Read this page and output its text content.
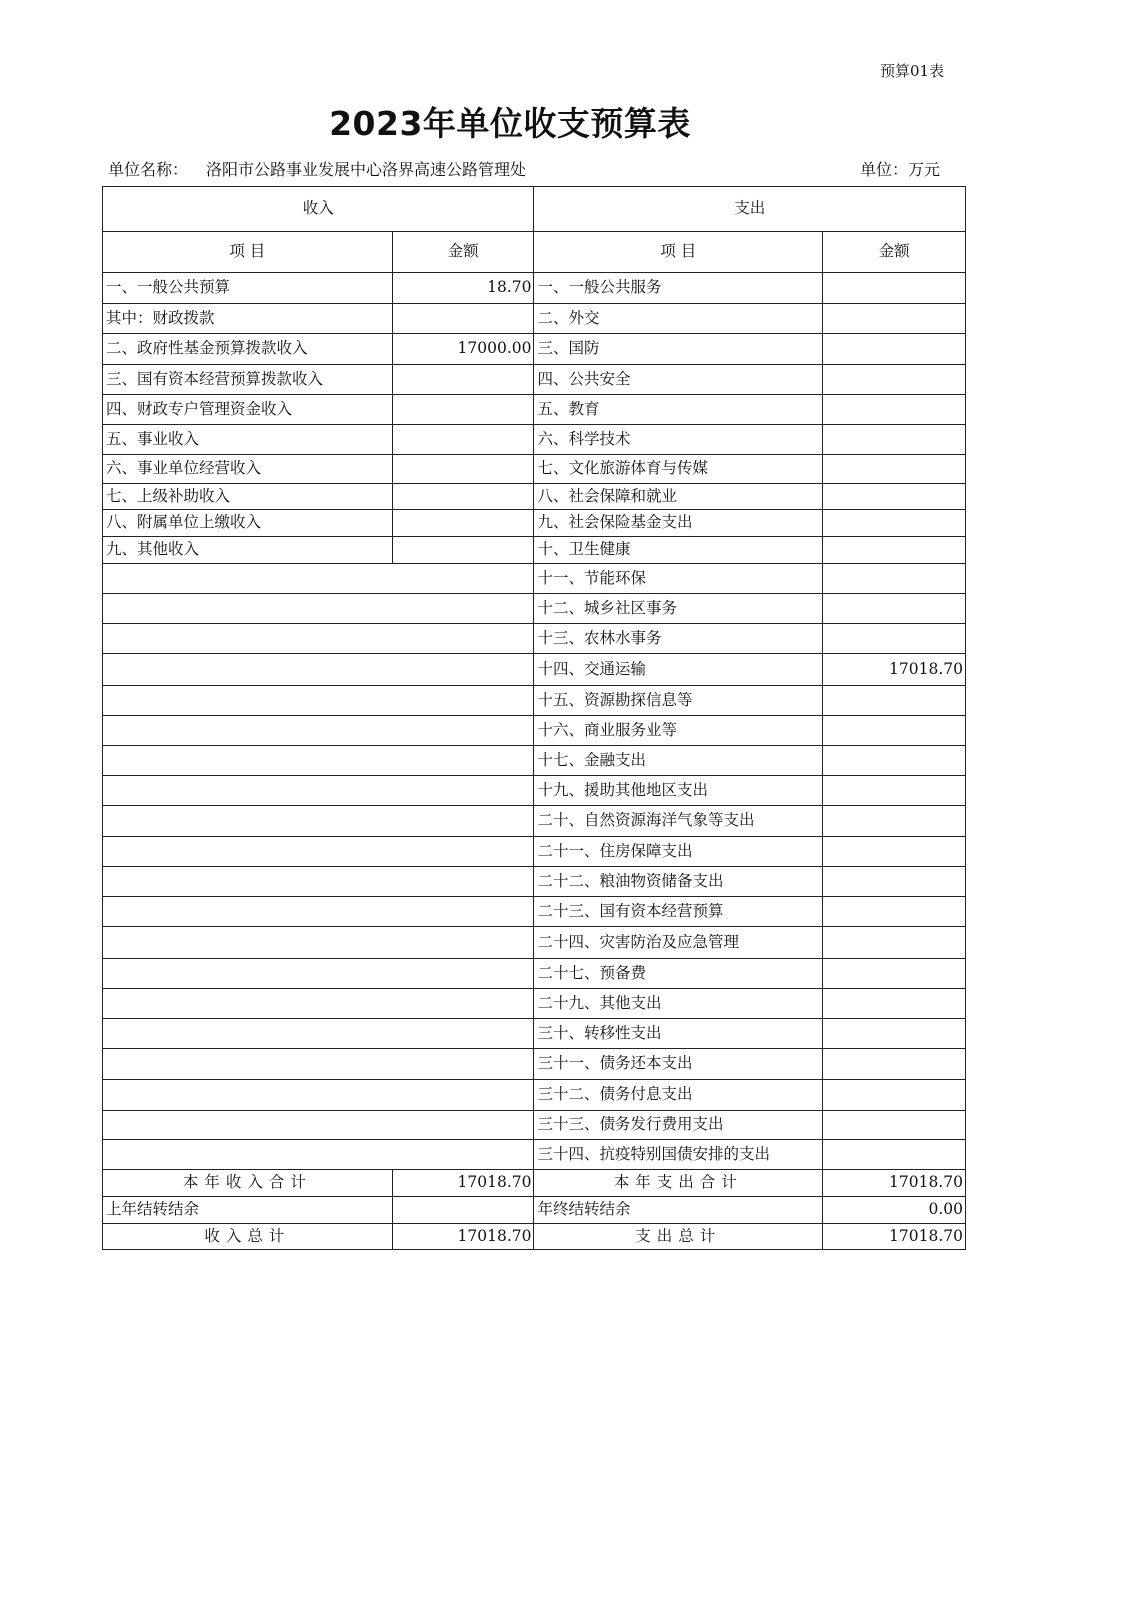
预算01表
2023年单位收支预算表
单位名称： 洛阳市公路事业发展中心洛界高速公路管理处	单位：万元
收入		支出	
项 目	金额	项 目	金额
一、一般公共预算	18.70	一、一般公共服务	
其中：财政拨款		二、外交	
二、政府性基金预算拨款收入	17000.00	三、国防	
三、国有资本经营预算拨款收入		四、公共安全	
四、财政专户管理资金收入		五、教育	
五、事业收入		六、科学技术	
六、事业单位经营收入		七、文化旅游体育与传媒	
七、上级补助收入		八、社会保障和就业	
八、附属单位上缴收入		九、社会保险基金支出	
九、其他收入		十、卫生健康	
		十一、节能环保	
		十二、城乡社区事务	
		十三、农林水事务	
		十四、交通运输	17018.70
		十五、资源勘探信息等	
		十六、商业服务业等	
		十七、金融支出	
		十九、援助其他地区支出	
		二十、自然资源海洋气象等支出	
		二十一、住房保障支出	
		二十二、粮油物资储备支出	
		二十三、国有资本经营预算	
		二十四、灾害防治及应急管理	
		二十七、预备费	
		二十九、其他支出	
		三十、转移性支出	
		三十一、债务还本支出	
		三十二、债务付息支出	
		三十三、债务发行费用支出	
		三十四、抗疫特别国债安排的支出	
本年收入合计	17018.70	本年支出合计	17018.70
上年结转结余		年终结转结余	0.00
收入总计	17018.70	支出总计	17018.70
